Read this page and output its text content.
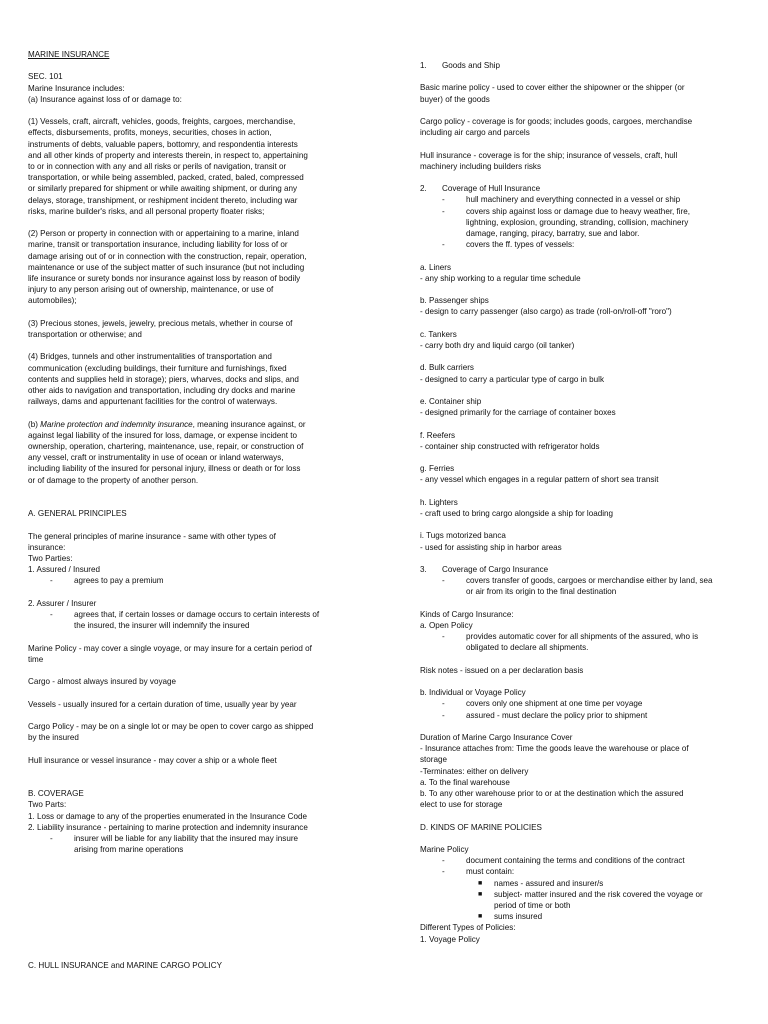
MARINE INSURANCE
SEC. 101
Marine Insurance includes:
(a) Insurance against loss of or damage to:
(1) Vessels, craft, aircraft, vehicles, goods, freights, cargoes, merchandise,
effects, disbursements, profits, moneys, securities, choses in action,
instruments of debts, valuable papers, bottomry, and respondentia interests
and all other kinds of property and interests therein, in respect to, appertaining
to or in connection with any and all risks or perils of navigation, transit or
transportation, or while being assembled, packed, crated, baled, compressed
or similarly prepared for shipment or while awaiting shipment, or during any
delays, storage, transhipment, or reshipment incident thereto, including war
risks, marine builder's risks, and all personal property floater risks;
(2) Person or property in connection with or appertaining to a marine, inland
marine, transit or transportation insurance, including liability for loss of or
damage arising out of or in connection with the construction, repair, operation,
maintenance or use of the subject matter of such insurance (but not including
life insurance or surety bonds nor insurance against loss by reason of bodily
injury to any person arising out of ownership, maintenance, or use of
automobiles);
(3) Precious stones, jewels, jewelry, precious metals, whether in course of
transportation or otherwise; and
(4) Bridges, tunnels and other instrumentalities of transportation and
communication (excluding buildings, their furniture and furnishings, fixed
contents and supplies held in storage); piers, wharves, docks and slips, and
other aids to navigation and transportation, including dry docks and marine
railways, dams and appurtenant facilities for the control of waterways.
(b) Marine protection and indemnity insurance, meaning insurance against, or
against legal liability of the insured for loss, damage, or expense incident to
ownership, operation, chartering, maintenance, use, repair, or construction of
any vessel, craft or instrumentality in use of ocean or inland waterways,
including liability of the insured for personal injury, illness or death or for loss
or of damage to the property of another person.
A. GENERAL PRINCIPLES
The general principles of marine insurance - same with other types of
insurance:
Two Parties:
1. Assured / Insured
-	agrees to pay a premium
2. Assurer / Insurer
-	agrees that, if certain losses or damage occurs to certain interests of
the insured, the insurer will indemnify the insured
Marine Policy - may cover a single voyage, or may insure for a certain period of
time
Cargo - almost always insured by voyage
Vessels - usually insured for a certain duration of time, usually year by year
Cargo Policy - may be on a single lot or may be open to cover cargo as shipped
by the insured
Hull insurance or vessel insurance - may cover a ship or a whole fleet
B. COVERAGE
Two Parts:
1. Loss or damage to any of the properties enumerated in the Insurance Code
2. Liability insurance - pertaining to marine protection and indemnity insurance
-	insurer will be liable for any liability that the insured may insure
arising from marine operations
C. HULL INSURANCE and MARINE CARGO POLICY
1. Goods and Ship
Basic marine policy - used to cover either the shipowner or the shipper (or
buyer) of the goods
Cargo policy - coverage is for goods; includes goods, cargoes, merchandise
including air cargo and parcels
Hull insurance - coverage is for the ship; insurance of vessels, craft, hull
machinery including builders risks
2. Coverage of Hull Insurance
-	hull machinery and everything connected in a vessel or ship
-	covers ship against loss or damage due to heavy weather, fire,
lightning, explosion, grounding, stranding, collision, machinery
damage, ranging, piracy, barratry, sue and labor.
-	covers the ff. types of vessels:
a. Liners
- any ship working to a regular time schedule
b. Passenger ships
- design to carry passenger (also cargo) as trade (roll-on/roll-off "roro")
c. Tankers
- carry both dry and liquid cargo (oil tanker)
d. Bulk carriers
- designed to carry a particular type of cargo in bulk
e. Container ship
- designed primarily for the carriage of container boxes
f. Reefers
- container ship constructed with refrigerator holds
g. Ferries
- any vessel which engages in a regular pattern of short sea transit
h. Lighters
- craft used to bring cargo alongside a ship for loading
i. Tugs motorized banca
- used for assisting ship in harbor areas
3. Coverage of Cargo Insurance
-	covers transfer of goods, cargoes or merchandise either by land, sea
or air from its origin to the final destination
Kinds of Cargo Insurance:
a. Open Policy
-	provides automatic cover for all shipments of the assured, who is
obligated to declare all shipments.
Risk notes - issued on a per declaration basis
b. Individual or Voyage Policy
-	covers only one shipment at one time per voyage
-	assured - must declare the policy prior to shipment
Duration of Marine Cargo Insurance Cover
- Insurance attaches from: Time the goods leave the warehouse or place of
storage
-Terminates: either on delivery
a. To the final warehouse
b. To any other warehouse prior to or at the destination which the assured
elect to use for storage
D. KINDS OF MARINE POLICIES
Marine Policy
-	document containing the terms and conditions of the contract
-	must contain:
■ names - assured and insurer/s
■ subject- matter insured and the risk covered the voyage or
period of time or both
■ sums insured
Different Types of Policies:
1. Voyage Policy
